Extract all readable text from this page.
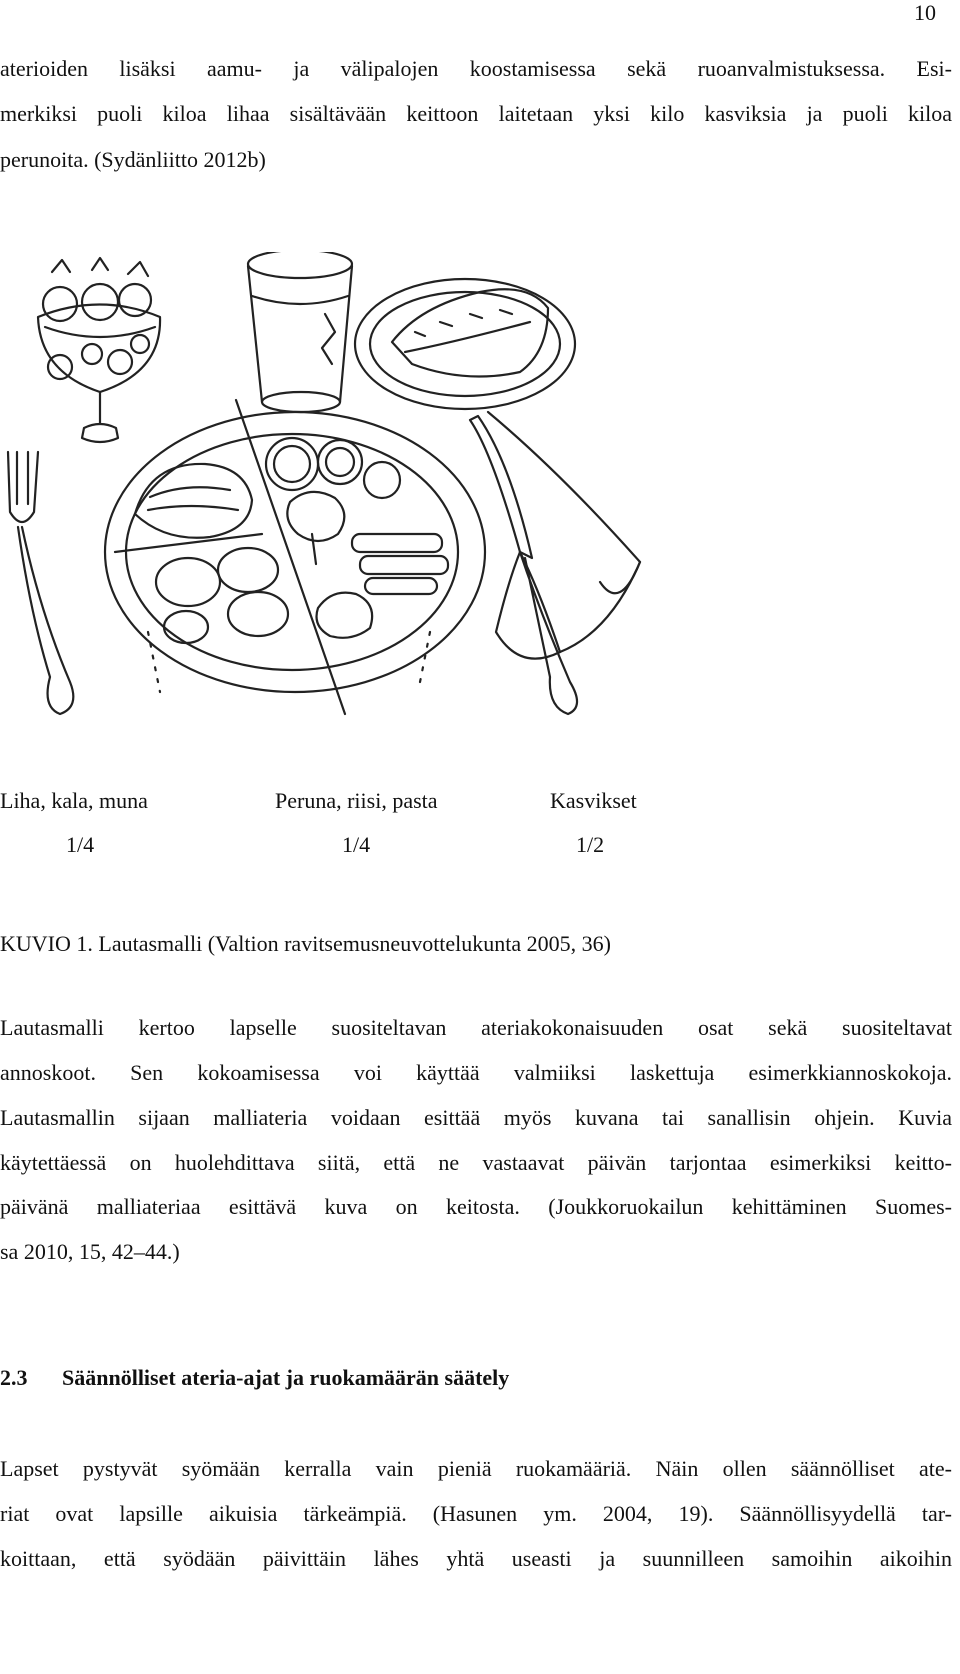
10
aterioiden lisäksi aamu- ja välipalojen koostamisessa sekä ruoanvalmistuksessa. Esi-
merkiksi puoli kiloa lihaa sisältävään keittoon laitetaan yksi kilo kasviksia ja puoli kiloa
perunoita. (Sydänliitto 2012b)
Liha, kala, muna	Peruna, riisi, pasta	Kasvikset
1/4	1/4	1/2
KUVIO 1. Lautasmalli (Valtion ravitsemusneuvottelukunta 2005, 36)
Lautasmalli kertoo lapselle suositeltavan ateriakokonaisuuden osat sekä suositeltavat
annoskoot. Sen kokoamisessa voi käyttää valmiiksi laskettuja esimerkkiannoskokoja.
Lautasmallin sijaan malliateria voidaan esittää myös kuvana tai sanallisin ohjein. Kuvia
käytettäessä on huolehdittava siitä, että ne vastaavat päivän tarjontaa esimerkiksi keitto-
päivänä malliateriaa esittävä kuva on keitosta. (Joukkoruokailun kehittäminen Suomes-
sa 2010, 15, 42–44.)
2.3 Säännölliset ateria-ajat ja ruokamäärän säätely
Lapset pystyvät syömään kerralla vain pieniä ruokamääriä. Näin ollen säännölliset ate-
riat ovat lapsille aikuisia tärkeämpiä. (Hasunen ym. 2004, 19). Säännöllisyydellä tar-
koittaan, että syödään päivittäin lähes yhtä useasti ja suunnilleen samoihin aikoihin
